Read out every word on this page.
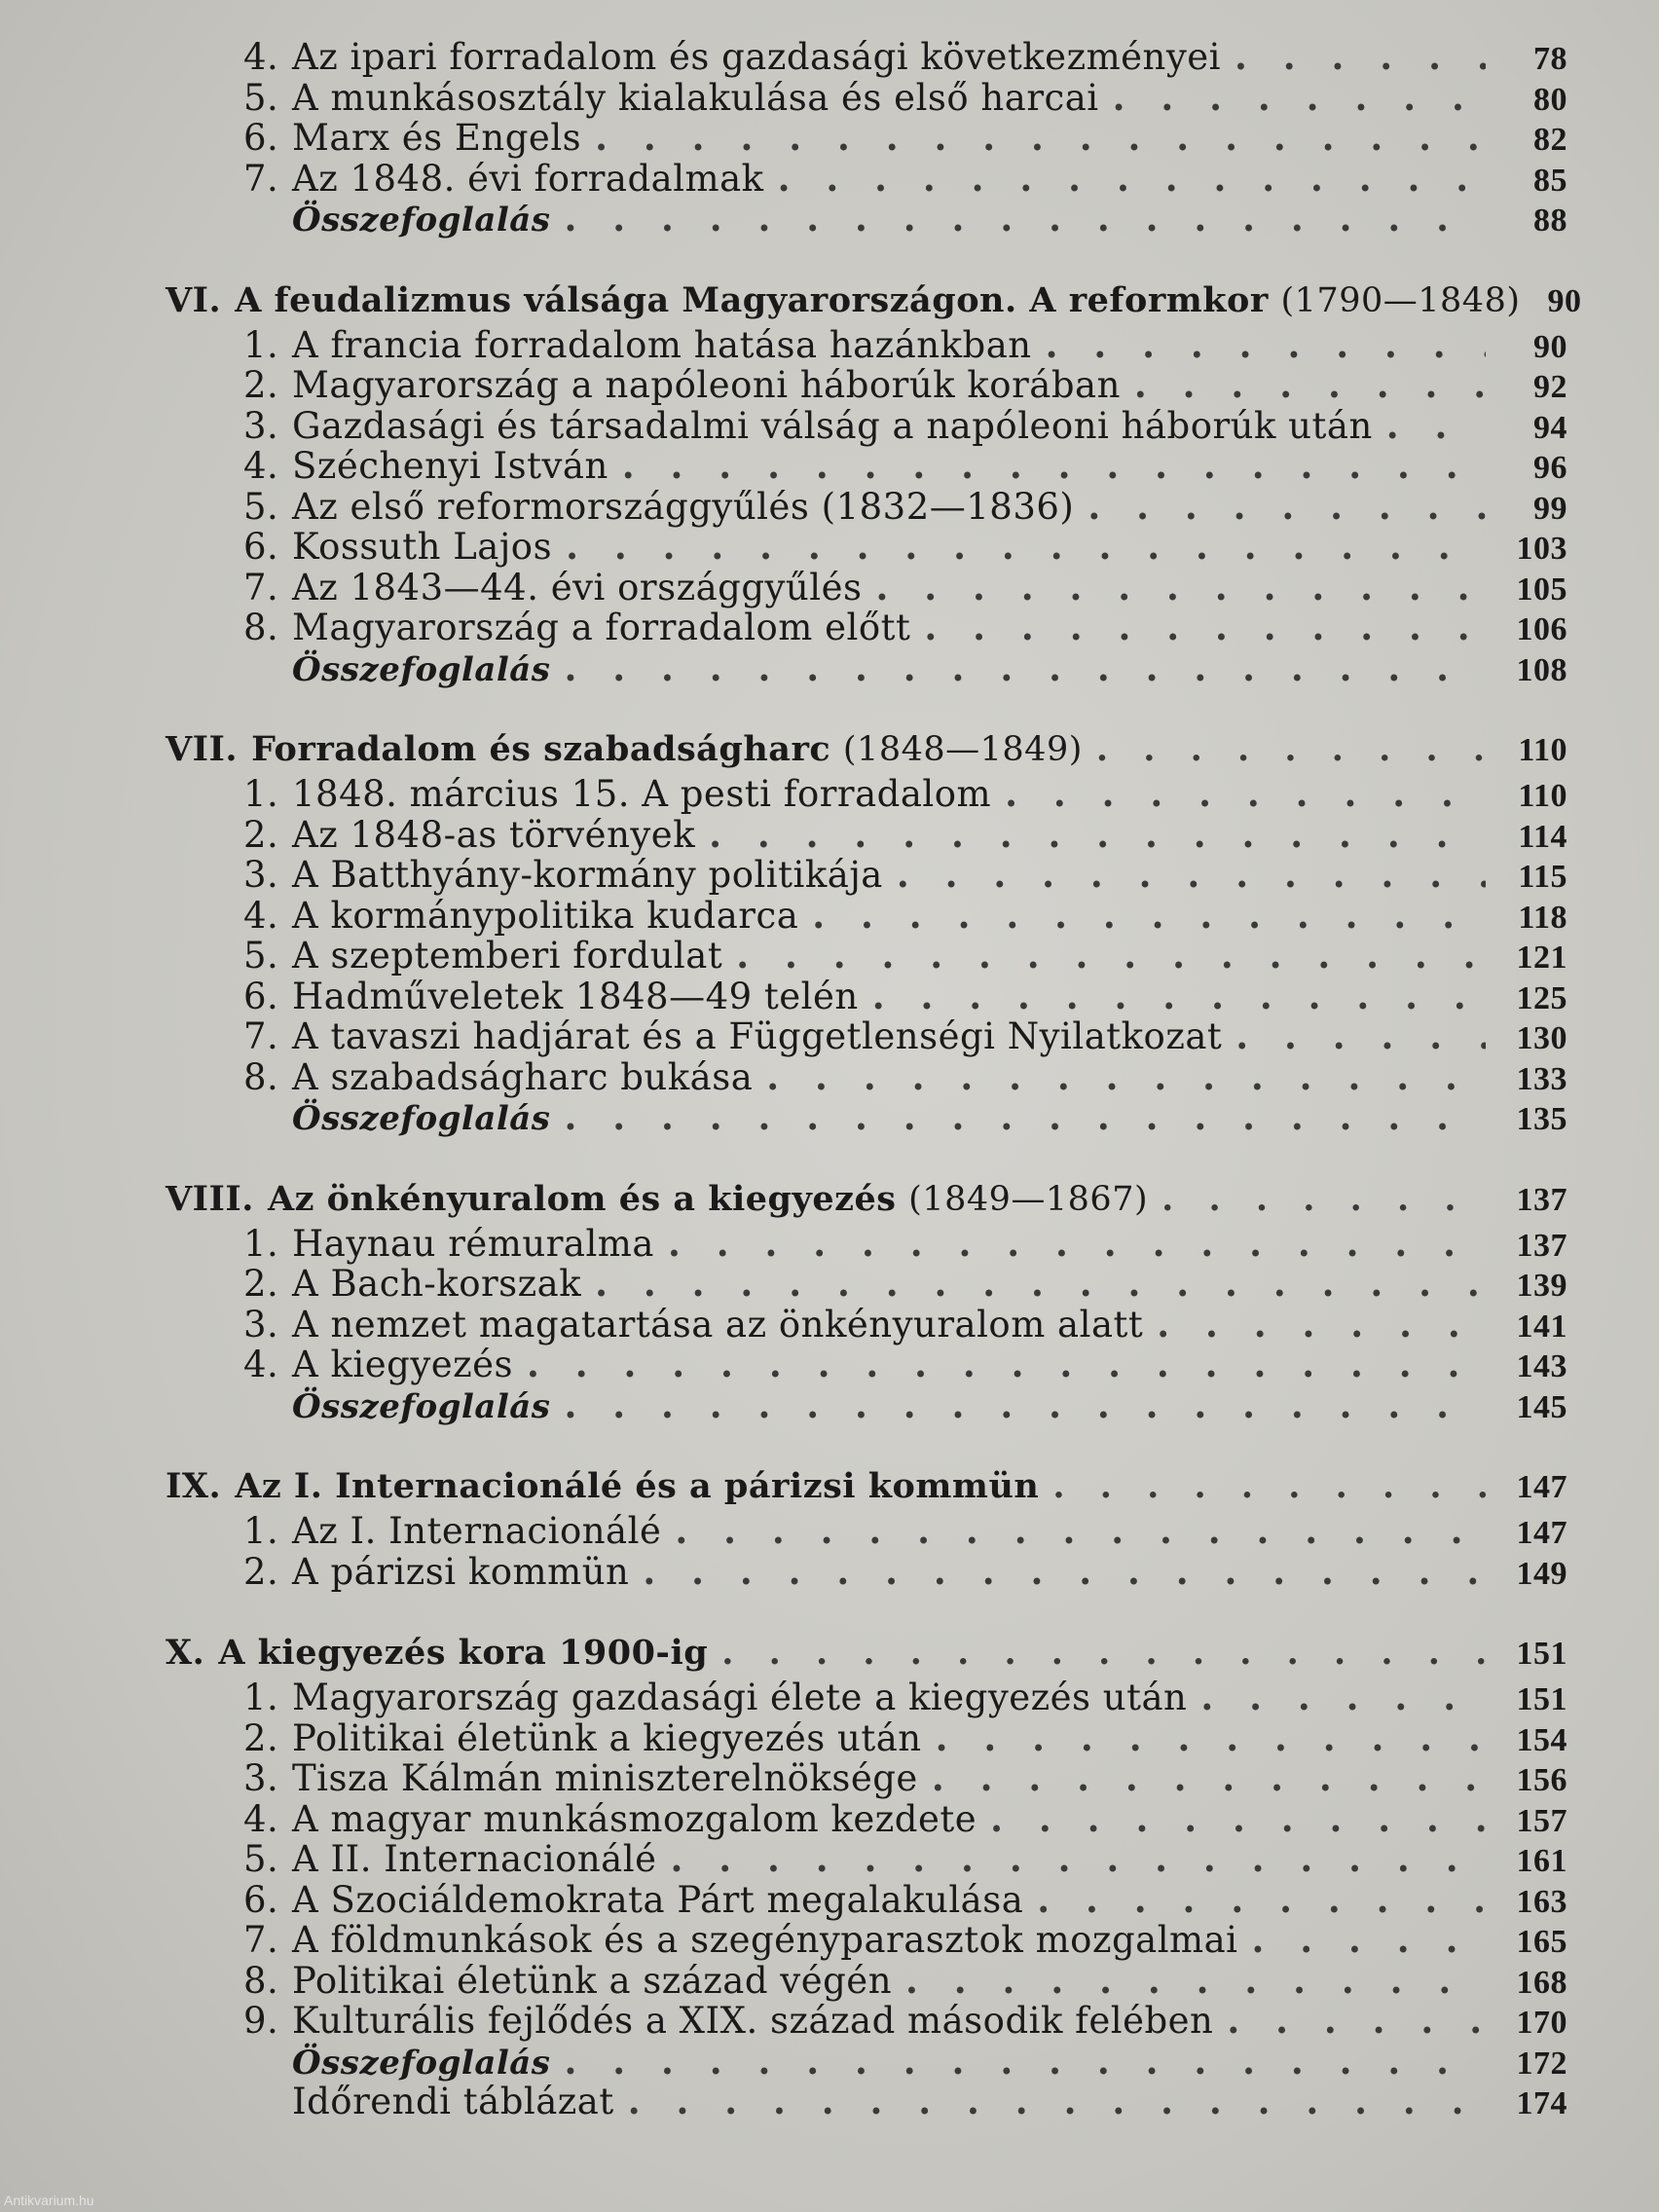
4. Az ipari forradalom és gazdasági következményei . . .	78
5. A munkásosztály kialakulása és első harcai . . .	80
6. Marx és Engels . . .	82
7. Az 1848. évi forradalmak . . .	85
Összefoglalás . . .	88
VI. A feudalizmus válsága Magyarországon. A reformkor (1790—1848) 90
1. A francia forradalom hatása hazánkban . . .	90
2. Magyarország a napóleoni háborúk korában . . .	92
3. Gazdasági és társadalmi válság a napóleoni háborúk után . . .	94
4. Széchenyi István . . .	96
5. Az első reformországgyűlés (1832—1836) . . .	99
6. Kossuth Lajos . . .	103
7. Az 1843—44. évi országgyűlés . . .	105
8. Magyarország a forradalom előtt . . .	106
Összefoglalás . . .	108
VII. Forradalom és szabadságharc (1848—1849) . . .	110
1. 1848. március 15. A pesti forradalom . . .	110
2. Az 1848-as törvények . . .	114
3. A Batthyány-kormány politikája . . .	115
4. A kormánypolitika kudarca . . .	118
5. A szeptemberi fordulat . . .	121
6. Hadműveletek 1848—49 telén . . .	125
7. A tavaszi hadjárat és a Függetlenségi Nyilatkozat . . .	130
8. A szabadságharc bukása . . .	133
Összefoglalás . . .	135
VIII. Az önkényuralom és a kiegyezés (1849—1867) . . .	137
1. Haynau rémuralma . . .	137
2. A Bach-korszak . . .	139
3. A nemzet magatartása az önkényuralom alatt . . .	141
4. A kiegyezés . . .	143
Összefoglalás . . .	145
IX. Az I. Internacionálé és a párizsi kommün . . .	147
1. Az I. Internacionálé . . .	147
2. A párizsi kommün . . .	149
X. A kiegyezés kora 1900-ig . . .	151
1. Magyarország gazdasági élete a kiegyezés után . . .	151
2. Politikai életünk a kiegyezés után . . .	154
3. Tisza Kálmán miniszterelnöksége . . .	156
4. A magyar munkásmozgalom kezdete . . .	157
5. A II. Internacionálé . . .	161
6. A Szociáldemokrata Párt megalakulása . . .	163
7. A földmunkások és a szegényparasztok mozgalmai . . .	165
8. Politikai életünk a század végén . . .	168
9. Kulturális fejlődés a XIX. század második felében . . .	170
Összefoglalás . . .	172
Időrendi táblázat . . .	174
Antikvarium.hu
